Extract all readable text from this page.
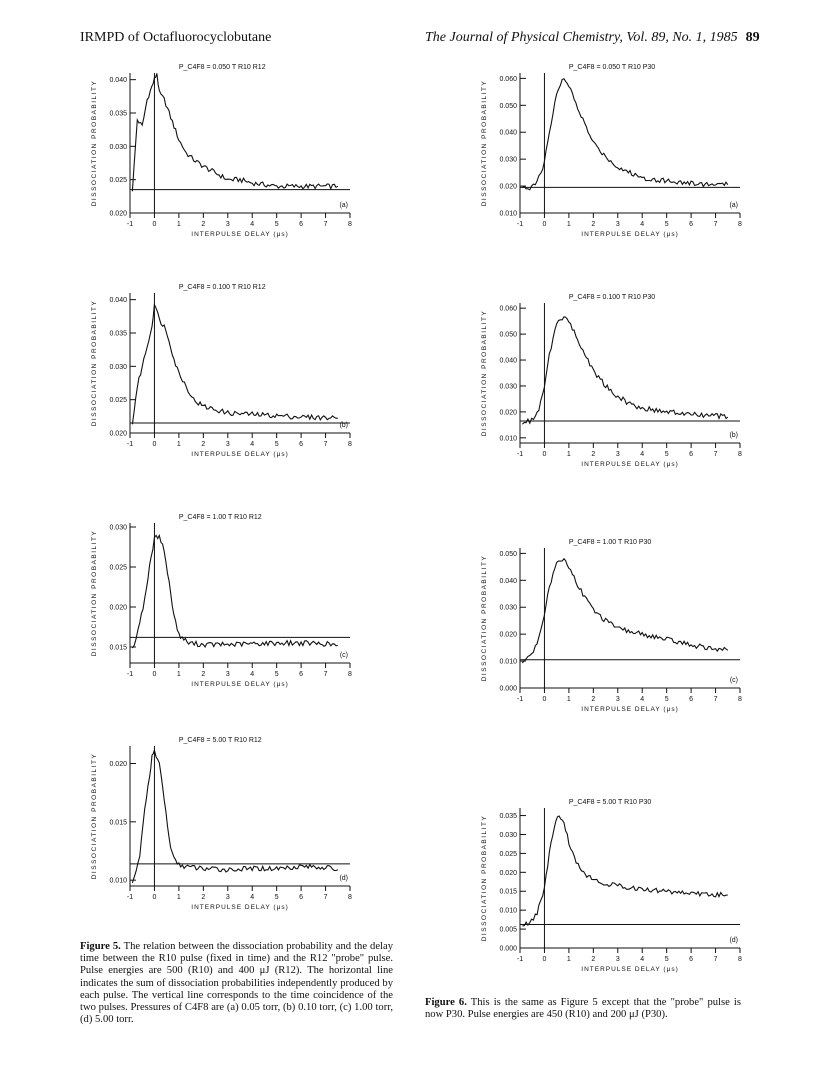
IRMPD of Octafluorocyclobutane	The Journal of Physical Chemistry, Vol. 89, No. 1, 1985 89
0.020
0.025
0.030
0.035
0.040
-1	0	1	2	3	4	5	6	7	8
INTERPULSE DELAY (μs)
DISSOCIATION PROBABILITY
P_C4F8 = 0.050 T R10 R12
(a)
0.020
0.025
0.030
0.035
0.040
-1	0	1	2	3	4	5	6	7	8
INTERPULSE DELAY (μs)
DISSOCIATION PROBABILITY
P_C4F8 = 0.100 T R10 R12
(b)
0.015
0.020
0.025
0.030
-1	0	1	2	3	4	5	6	7	8
INTERPULSE DELAY (μs)
DISSOCIATION PROBABILITY
P_C4F8 = 1.00 T R10 R12
(c)
0.010
0.015
0.020
-1	0	1	2	3	4	5	6	7	8
INTERPULSE DELAY (μs)
DISSOCIATION PROBABILITY
P_C4F8 = 5.00 T R10 R12
(d)
0.010
0.020
0.030
0.040
0.050
0.060
-1	0	1	2	3	4	5	6	7	8
INTERPULSE DELAY (μs)
DISSOCIATION PROBABILITY
P_C4F8 = 0.050 T R10 P30
(a)
0.010
0.020
0.030
0.040
0.050
0.060
-1	0	1	2	3	4	5	6	7	8
INTERPULSE DELAY (μs)
DISSOCIATION PROBABILITY
P_C4F8 = 0.100 T R10 P30
(b)
0.000
0.010
0.020
0.030
0.040
0.050
-1	0	1	2	3	4	5	6	7	8
INTERPULSE DELAY (μs)
DISSOCIATION PROBABILITY
P_C4F8 = 1.00 T R10 P30
(c)
0.000
0.005
0.010
0.015
0.020
0.025
0.030
0.035
-1	0	1	2	3	4	5	6	7	8
INTERPULSE DELAY (μs)
DISSOCIATION PROBABILITY
P_C4F8 = 5.00 T R10 P30
(d)
Figure 5. The relation between the dissociation probability and the delay time between the R10 pulse (fixed in time) and the R12 "probe" pulse. Pulse energies are 500 (R10) and 400 μJ (R12). The horizontal line indicates the sum of dissociation probabilities independently produced by each pulse. The vertical line corresponds to the time coincidence of the two pulses. Pressures of C4F8 are (a) 0.05 torr, (b) 0.10 torr, (c) 1.00 torr, (d) 5.00 torr.
Figure 6. This is the same as Figure 5 except that the "probe" pulse is now P30. Pulse energies are 450 (R10) and 200 μJ (P30).
